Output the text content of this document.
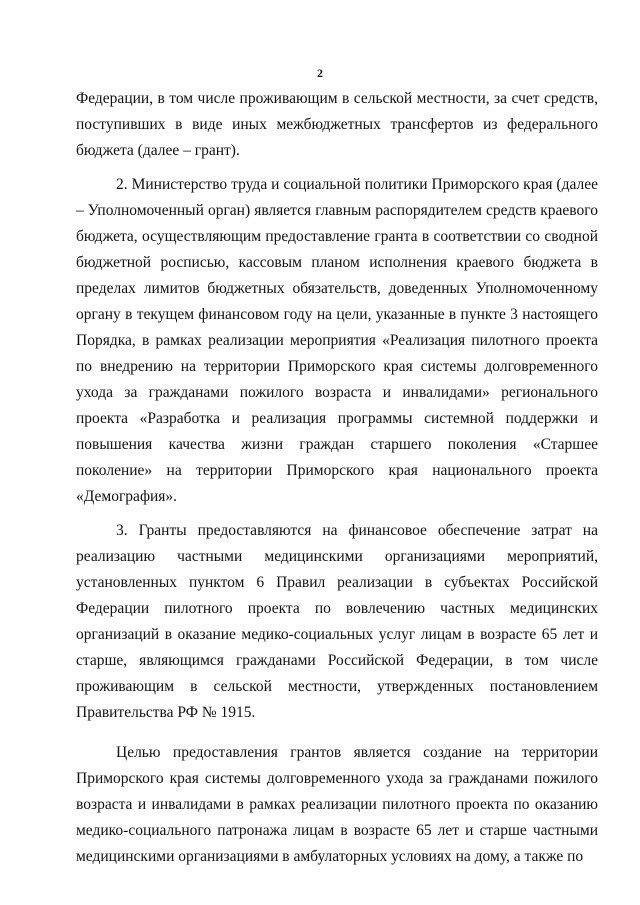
2

Федерации, в том числе проживающим в сельской местности, за счет средств, поступивших в виде иных межбюджетных трансфертов из федерального бюджета (далее – грант).

2. Министерство труда и социальной политики Приморского края (далее – Уполномоченный орган) является главным распорядителем средств краевого бюджета, осуществляющим предоставление гранта в соответствии со сводной бюджетной росписью, кассовым планом исполнения краевого бюджета в пределах лимитов бюджетных обязательств, доведенных Уполномоченному органу в текущем финансовом году на цели, указанные в пункте 3 настоящего Порядка, в рамках реализации мероприятия «Реализация пилотного проекта по внедрению на территории Приморского края системы долговременного ухода за гражданами пожилого возраста и инвалидами» регионального проекта «Разработка и реализация программы системной поддержки и повышения качества жизни граждан старшего поколения «Старшее поколение» на территории Приморского края национального проекта «Демография».

3. Гранты предоставляются на финансовое обеспечение затрат на реализацию частными медицинскими организациями мероприятий, установленных пунктом 6 Правил реализации в субъектах Российской Федерации пилотного проекта по вовлечению частных медицинских организаций в оказание медико-социальных услуг лицам в возрасте 65 лет и старше, являющимся гражданами Российской Федерации, в том числе проживающим в сельской местности, утвержденных постановлением Правительства РФ № 1915.

Целью предоставления грантов является создание на территории Приморского края системы долговременного ухода за гражданами пожилого возраста и инвалидами в рамках реализации пилотного проекта по оказанию медико-социального патронажа лицам в возрасте 65 лет и старше частными медицинскими организациями в амбулаторных условиях на дому, а также по
